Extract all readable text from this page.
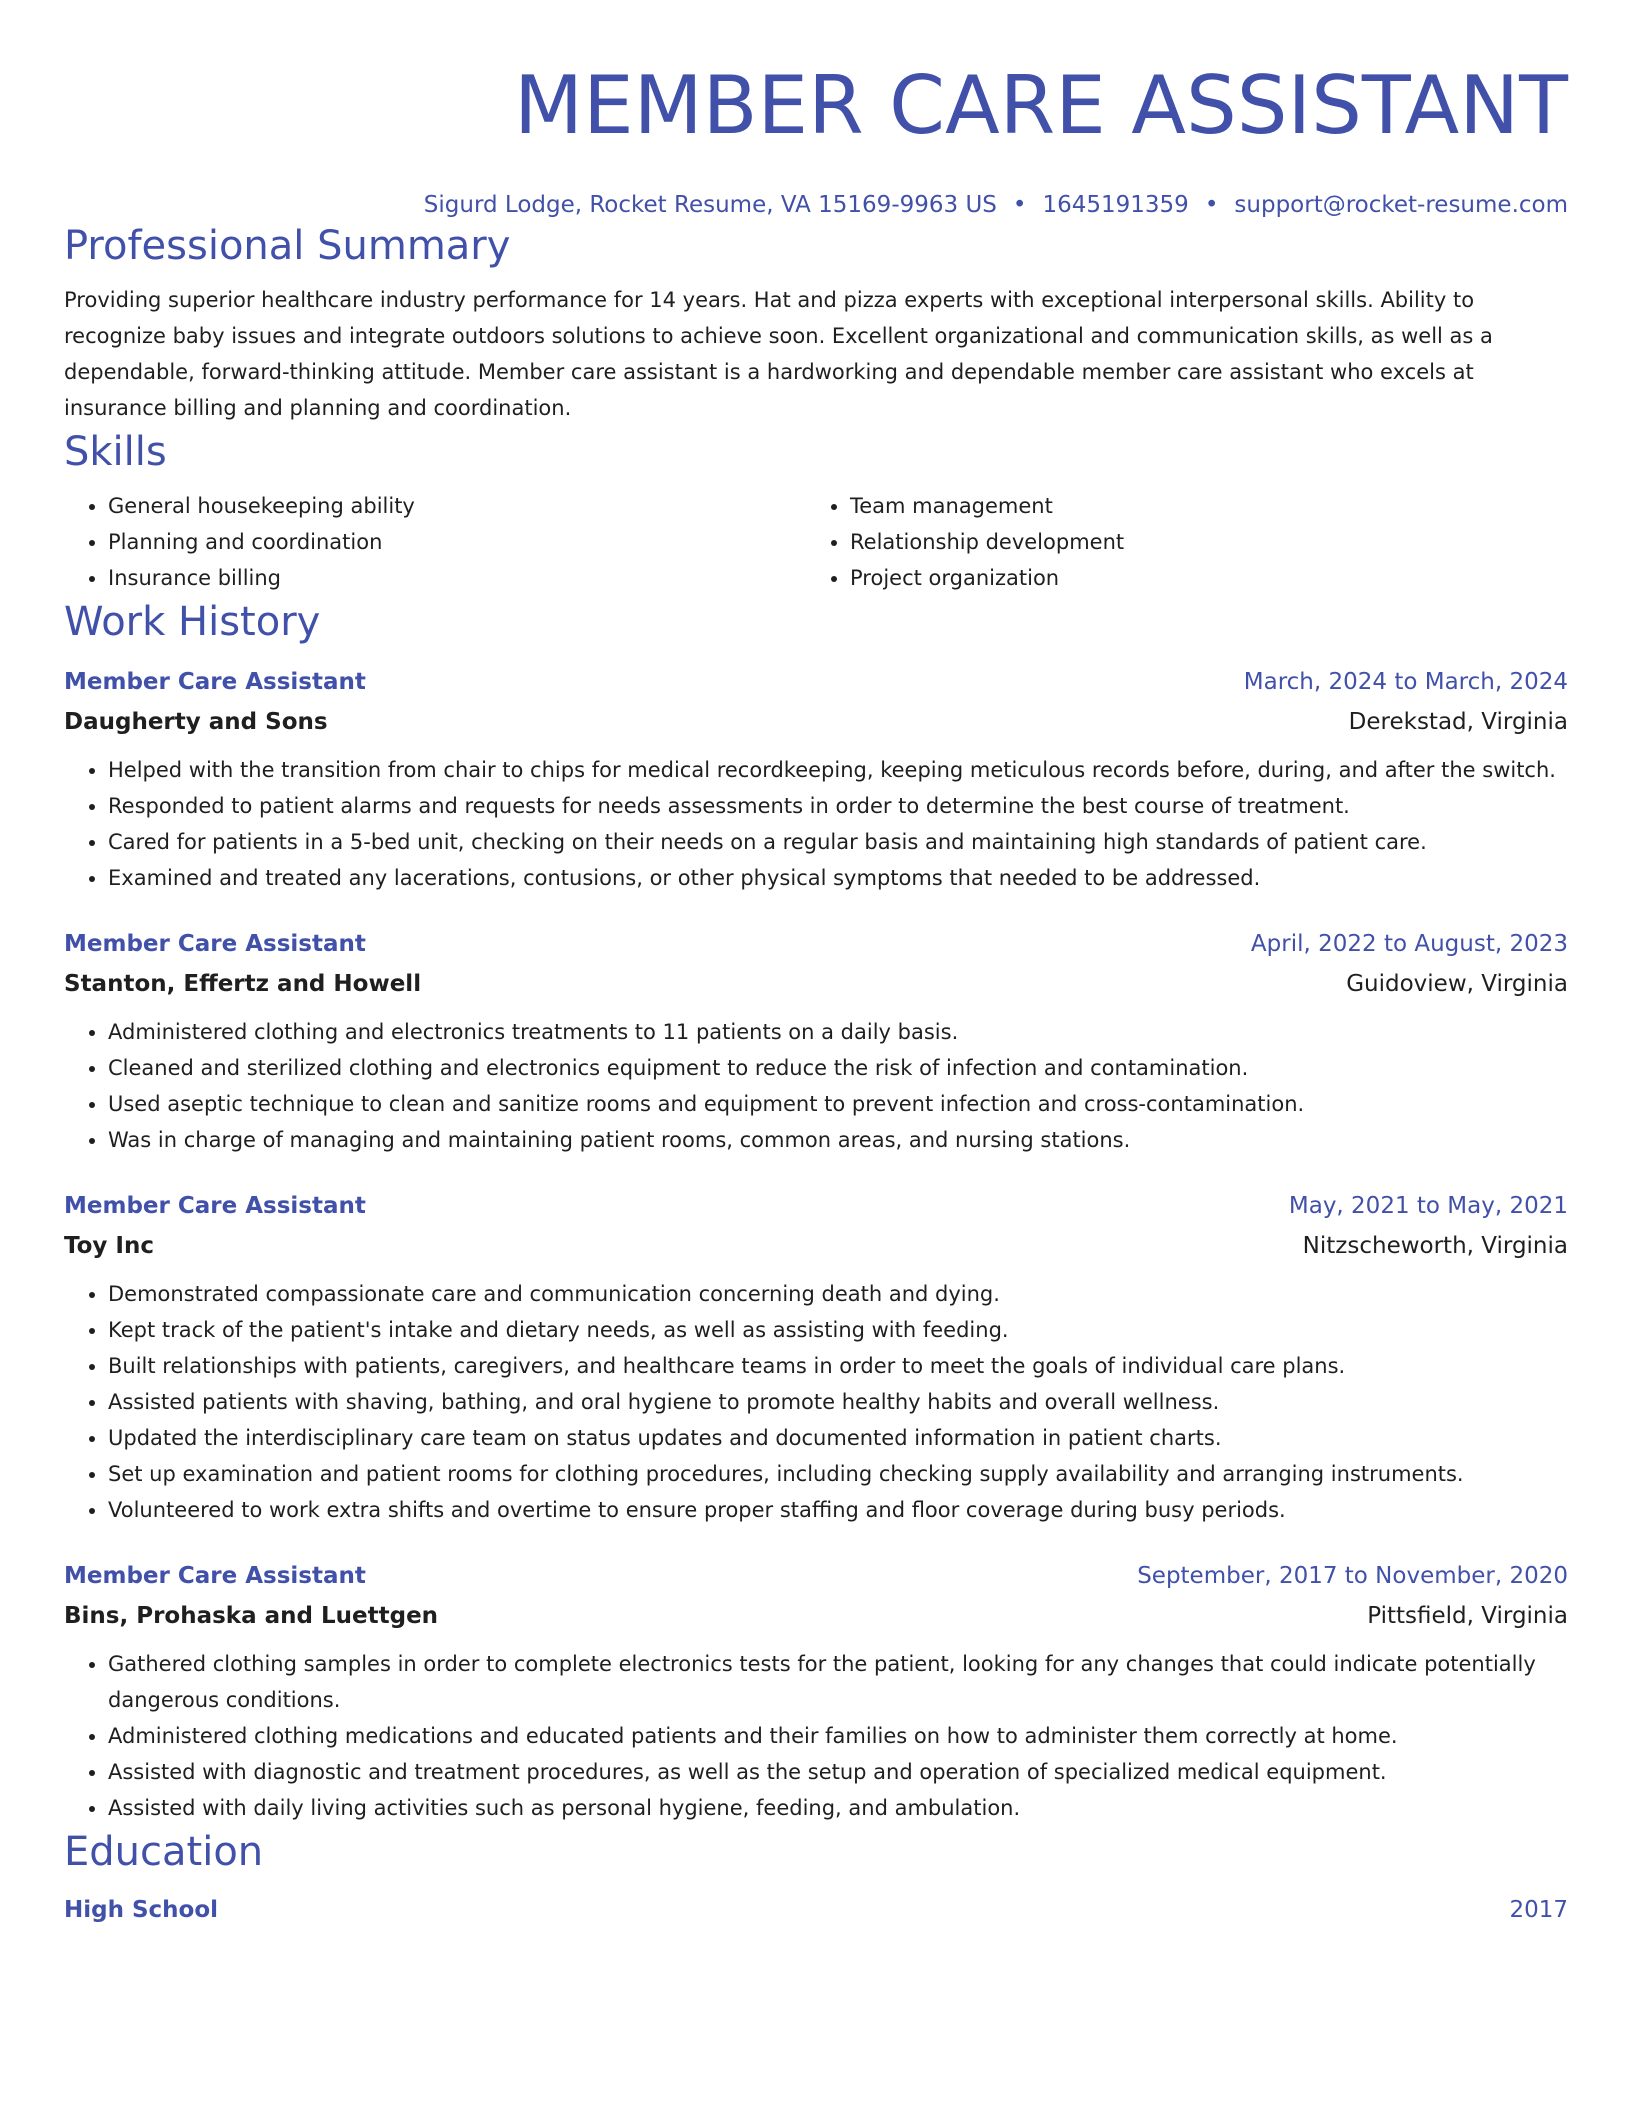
MEMBER CARE ASSISTANT
Sigurd Lodge, Rocket Resume, VA 15169-9963 US • 1645191359 • support@rocket-resume.com
Professional Summary
Providing superior healthcare industry performance for 14 years. Hat and pizza experts with exceptional interpersonal skills. Ability to recognize baby issues and integrate outdoors solutions to achieve soon. Excellent organizational and communication skills, as well as a dependable, forward-thinking attitude. Member care assistant is a hardworking and dependable member care assistant who excels at insurance billing and planning and coordination.
Skills
• General housekeeping ability
• Planning and coordination
• Insurance billing
• Team management
• Relationship development
• Project organization
Work History
Member Care Assistant	March, 2024 to March, 2024
Daugherty and Sons	Derekstad, Virginia
• Helped with the transition from chair to chips for medical recordkeeping, keeping meticulous records before, during, and after the switch.
• Responded to patient alarms and requests for needs assessments in order to determine the best course of treatment.
• Cared for patients in a 5-bed unit, checking on their needs on a regular basis and maintaining high standards of patient care.
• Examined and treated any lacerations, contusions, or other physical symptoms that needed to be addressed.
Member Care Assistant	April, 2022 to August, 2023
Stanton, Effertz and Howell	Guidoview, Virginia
• Administered clothing and electronics treatments to 11 patients on a daily basis.
• Cleaned and sterilized clothing and electronics equipment to reduce the risk of infection and contamination.
• Used aseptic technique to clean and sanitize rooms and equipment to prevent infection and cross-contamination.
• Was in charge of managing and maintaining patient rooms, common areas, and nursing stations.
Member Care Assistant	May, 2021 to May, 2021
Toy Inc	Nitzscheworth, Virginia
• Demonstrated compassionate care and communication concerning death and dying.
• Kept track of the patient's intake and dietary needs, as well as assisting with feeding.
• Built relationships with patients, caregivers, and healthcare teams in order to meet the goals of individual care plans.
• Assisted patients with shaving, bathing, and oral hygiene to promote healthy habits and overall wellness.
• Updated the interdisciplinary care team on status updates and documented information in patient charts.
• Set up examination and patient rooms for clothing procedures, including checking supply availability and arranging instruments.
• Volunteered to work extra shifts and overtime to ensure proper staffing and floor coverage during busy periods.
Member Care Assistant	September, 2017 to November, 2020
Bins, Prohaska and Luettgen	Pittsfield, Virginia
• Gathered clothing samples in order to complete electronics tests for the patient, looking for any changes that could indicate potentially dangerous conditions.
• Administered clothing medications and educated patients and their families on how to administer them correctly at home.
• Assisted with diagnostic and treatment procedures, as well as the setup and operation of specialized medical equipment.
• Assisted with daily living activities such as personal hygiene, feeding, and ambulation.
Education
High School	2017
